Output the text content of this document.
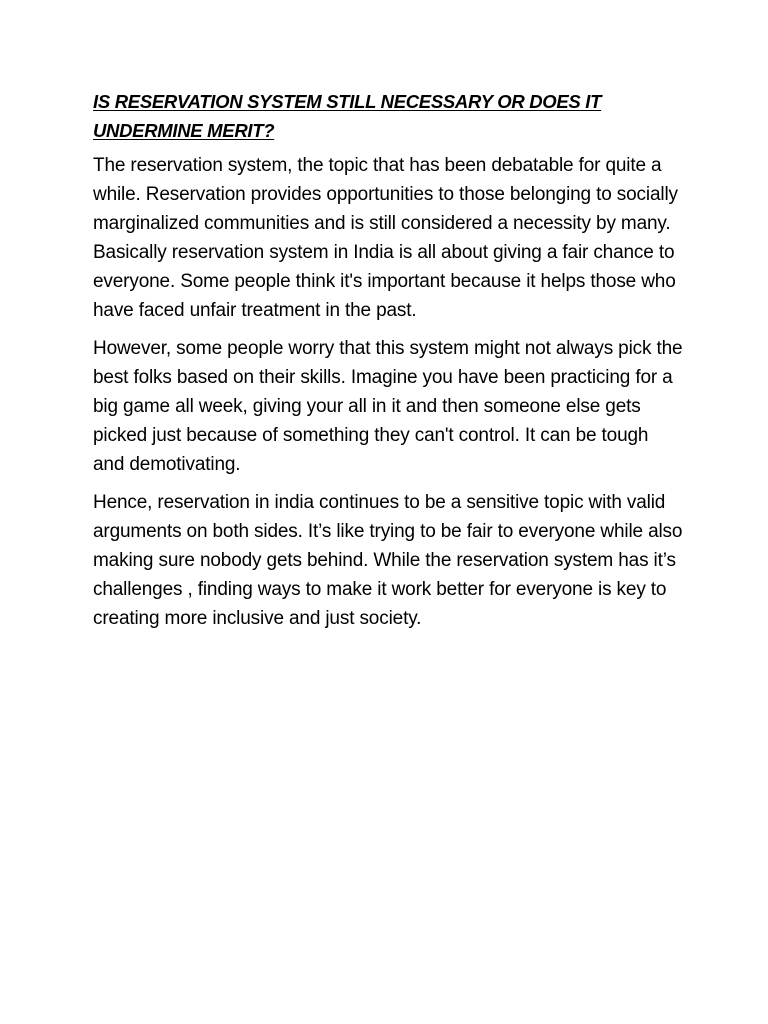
IS RESERVATION SYSTEM STILL NECESSARY OR DOES IT UNDERMINE MERIT?

The reservation system, the topic that has been debatable for quite a while. Reservation provides opportunities to those belonging to socially marginalized communities and is still considered a necessity by many. Basically reservation system in India is all about giving a fair chance to everyone. Some people think it's important because it helps those who have faced unfair treatment in the past.

However, some people worry that this system might not always pick the best folks based on their skills. Imagine you have been practicing for a big game all week, giving your all in it and then someone else gets picked just because of something they can't control. It can be tough and demotivating.

Hence, reservation in india continues to be a sensitive topic with valid arguments on both sides. It’s like trying to be fair to everyone while also making sure nobody gets behind. While the reservation system has it’s challenges , finding ways to make it work better for everyone is key to creating more inclusive and just society.
